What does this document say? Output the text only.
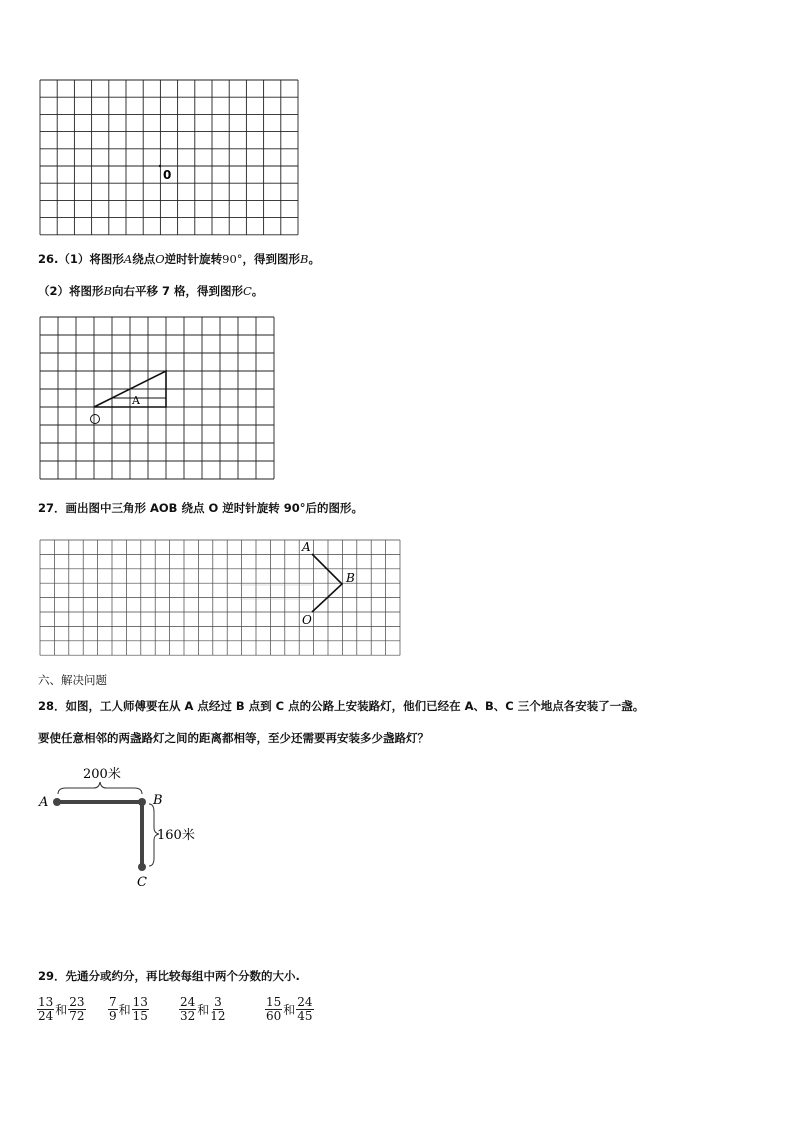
0
26.（1）将图形A绕点O逆时针旋转90°，得到图形B。
（2）将图形B向右平移 7 格，得到图形C。
A
27．画出图中三角形 AOB 绕点 O 逆时针旋转 90°后的图形。
A
B
O
六、解决问题
28．如图，工人师傅要在从 A 点经过 B 点到 C 点的公路上安装路灯，他们已经在 A、B、C 三个地点各安装了一盏。
要使任意相邻的两盏路灯之间的距离都相等，至少还需要再安装多少盏路灯？
A	B
C
200米
160米
29．先通分或约分，再比较每组中两个分数的大小.
$\frac{13}{24}$ 和 $\frac{23}{72} \frac{7}{9}$ 和 $\frac{13}{15}$	$\frac{24}{32}$ 和 $\frac{3}{12}$	$\frac{15}{60}$ 和 $\frac{24}{45}$
